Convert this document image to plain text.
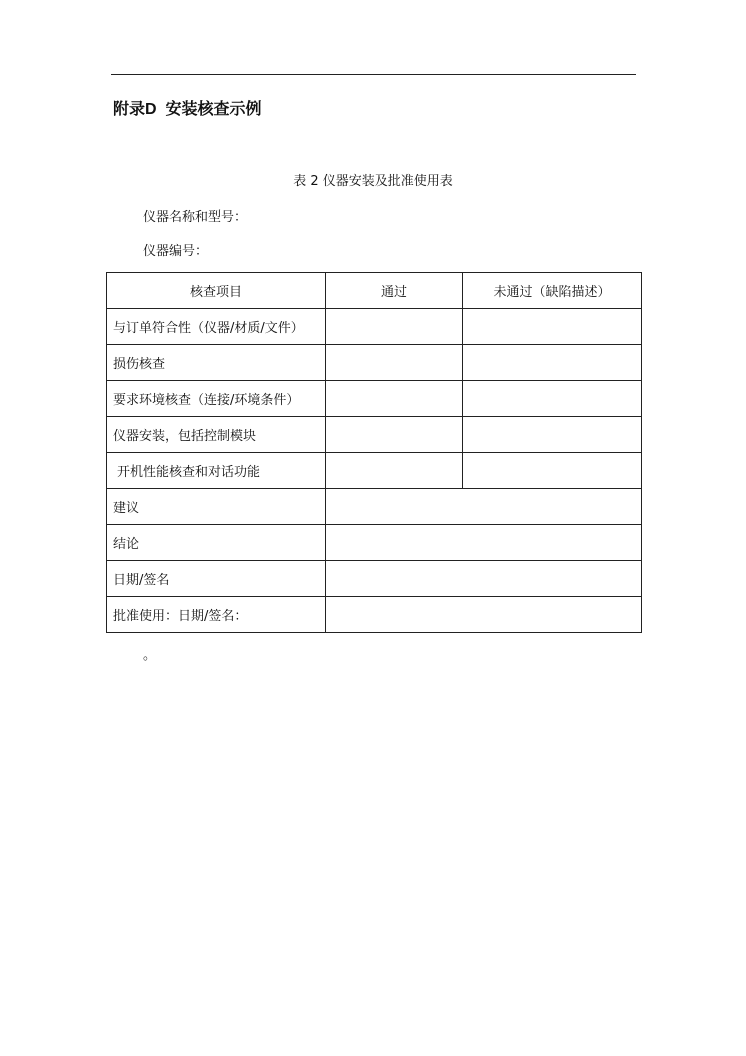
附录D  安装核查示例
表 2 仪器安装及批准使用表
仪器名称和型号：
仪器编号：
核查项目	通过	未通过（缺陷描述）
与订单符合性（仪器/材质/文件）		
损伤核查		
要求环境核查（连接/环境条件）		
仪器安装，包括控制模块		
开机性能核查和对话功能		
建议		
结论		
日期/签名		
批准使用：日期/签名：		
。
